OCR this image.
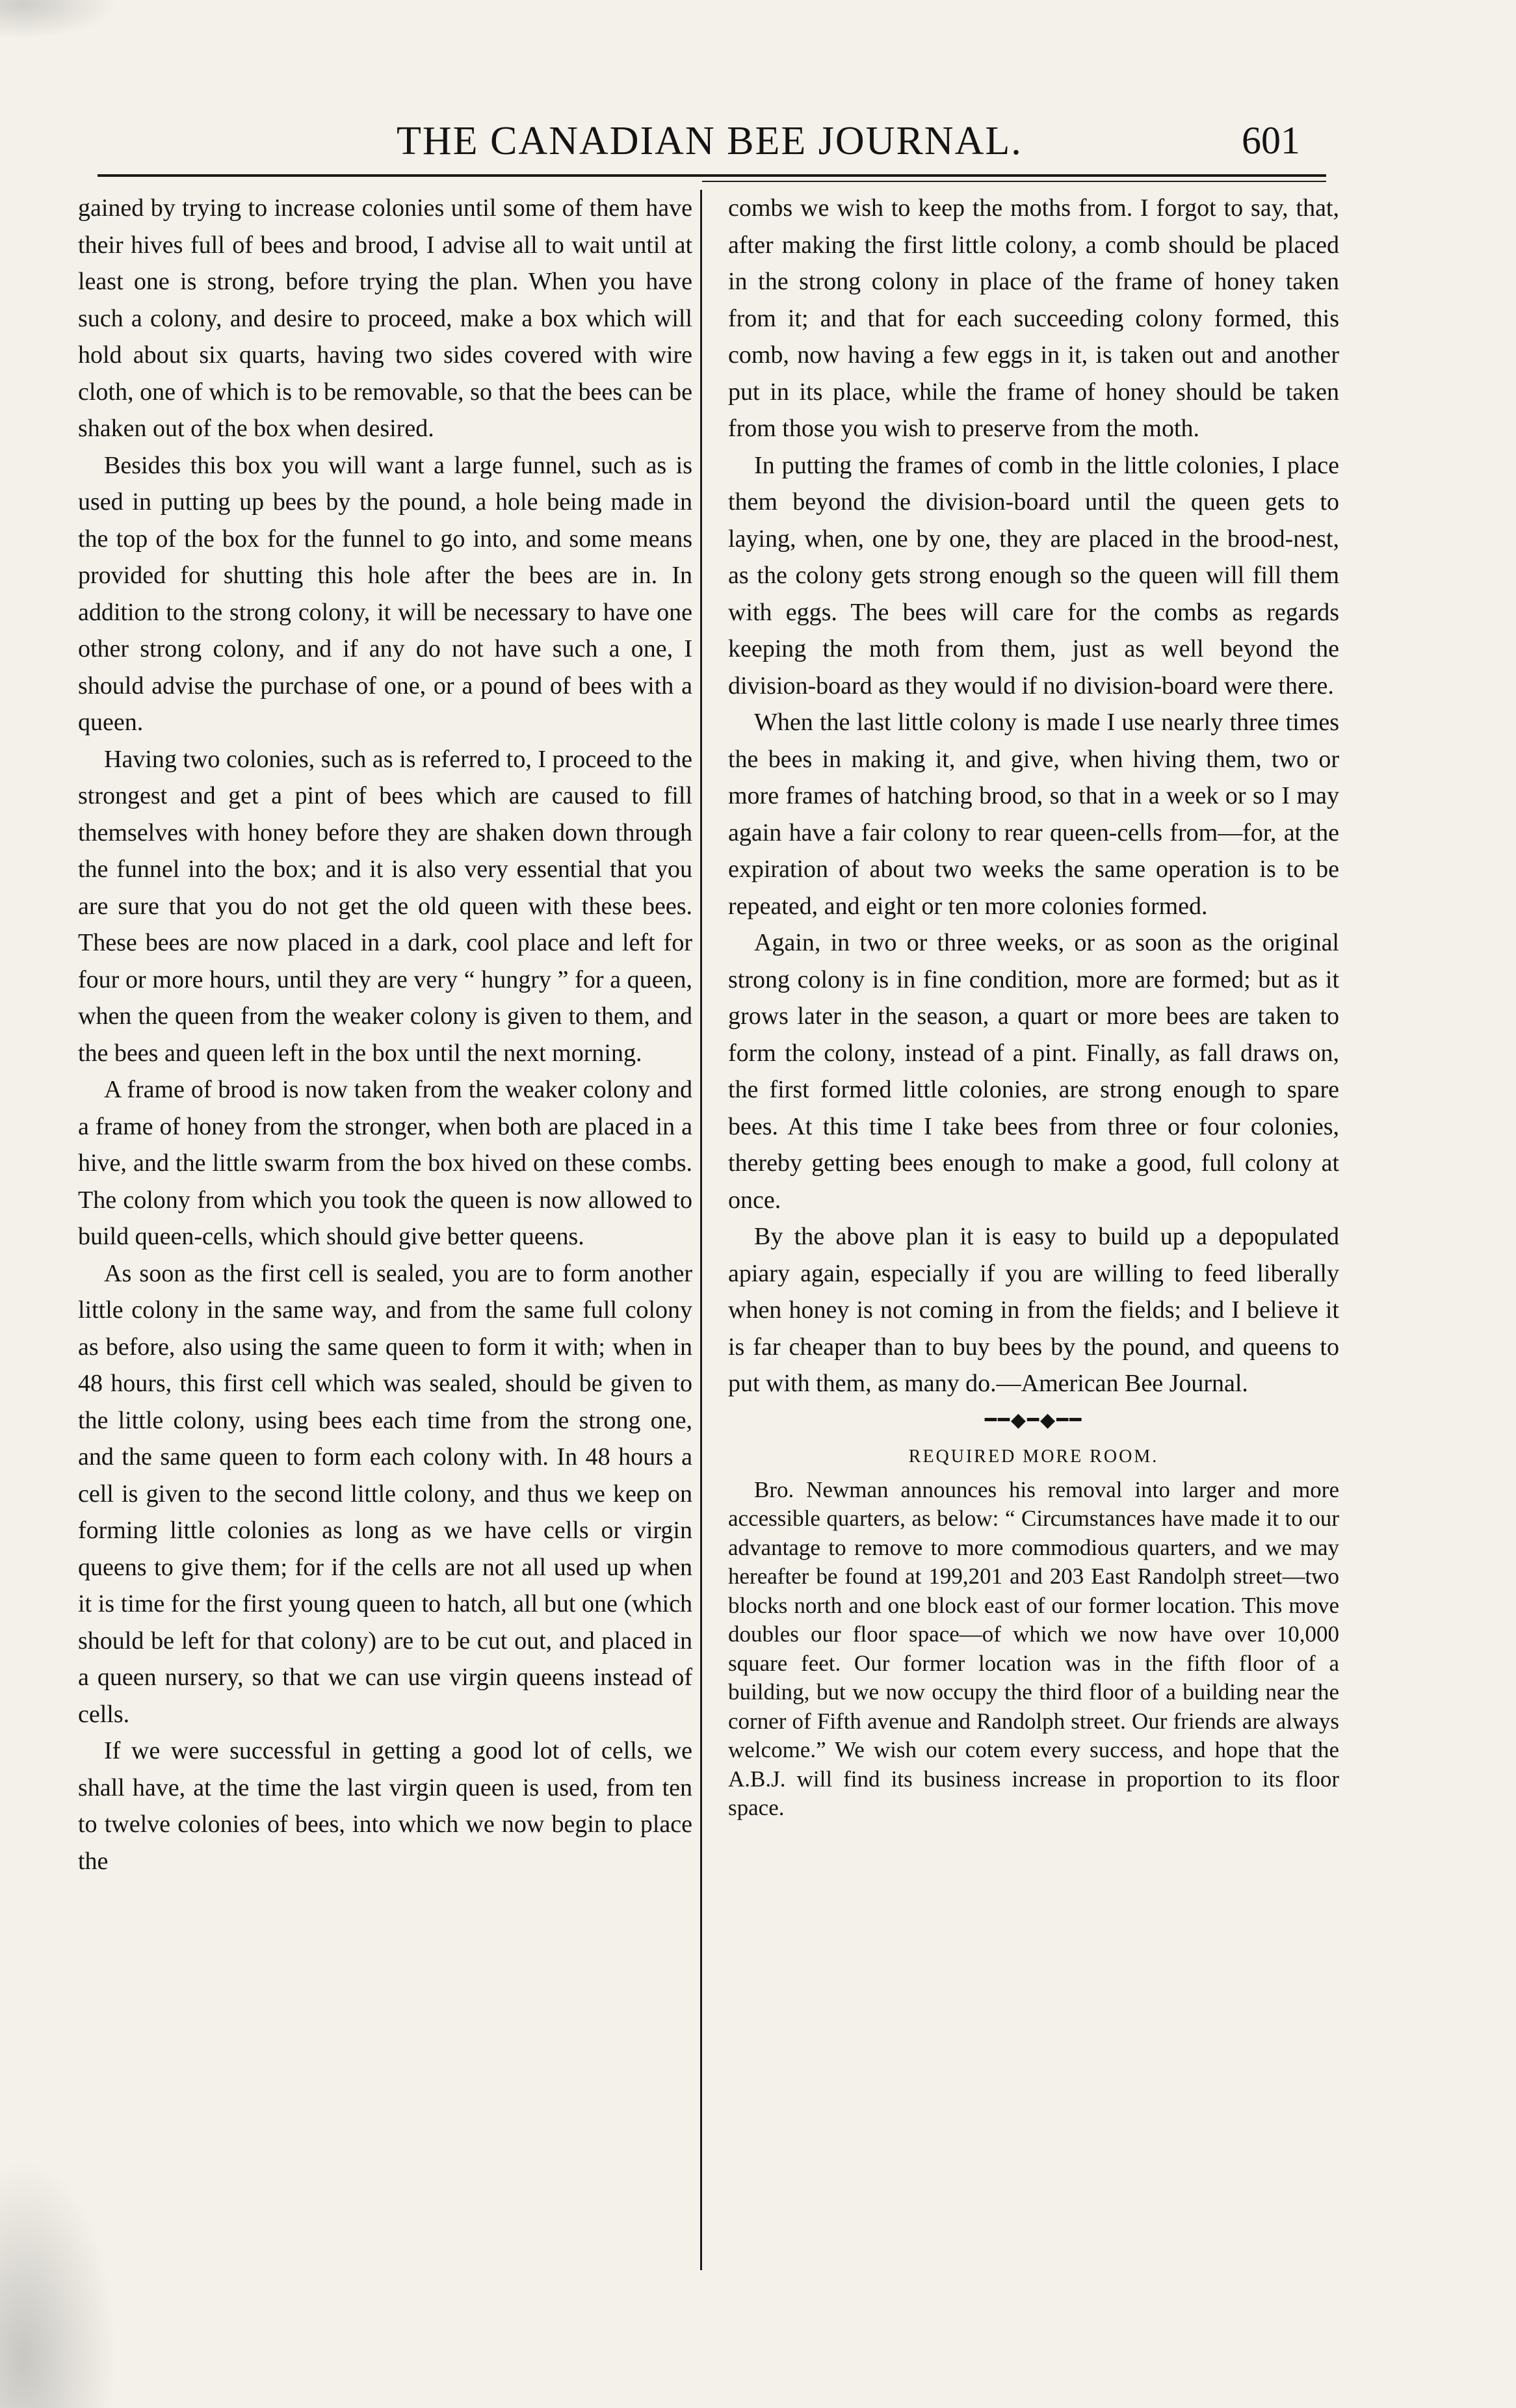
THE CANADIAN BEE JOURNAL.	601

gained by trying to increase colonies until some of them have their hives full of bees and brood, I advise all to wait until at least one is strong, before trying the plan. When you have such a colony, and desire to proceed, make a box which will hold about six quarts, having two sides covered with wire cloth, one of which is to be removable, so that the bees can be shaken out of the box when desired.

Besides this box you will want a large funnel, such as is used in putting up bees by the pound, a hole being made in the top of the box for the funnel to go into, and some means provided for shutting this hole after the bees are in. In addition to the strong colony, it will be necessary to have one other strong colony, and if any do not have such a one, I should advise the purchase of one, or a pound of bees with a queen.

Having two colonies, such as is referred to, I proceed to the strongest and get a pint of bees which are caused to fill themselves with honey before they are shaken down through the funnel into the box; and it is also very essential that you are sure that you do not get the old queen with these bees. These bees are now placed in a dark, cool place and left for four or more hours, until they are very “ hungry ” for a queen, when the queen from the weaker colony is given to them, and the bees and queen left in the box until the next morning.

A frame of brood is now taken from the weaker colony and a frame of honey from the stronger, when both are placed in a hive, and the little swarm from the box hived on these combs. The colony from which you took the queen is now allowed to build queen-cells, which should give better queens.

As soon as the first cell is sealed, you are to form another little colony in the same way, and from the same full colony as before, also using the same queen to form it with; when in 48 hours, this first cell which was sealed, should be given to the little colony, using bees each time from the strong one, and the same queen to form each colony with. In 48 hours a cell is given to the second little colony, and thus we keep on forming little colonies as long as we have cells or virgin queens to give them; for if the cells are not all used up when it is time for the first young queen to hatch, all but one (which should be left for that colony) are to be cut out, and placed in a queen nursery, so that we can use virgin queens instead of cells.

If we were successful in getting a good lot of cells, we shall have, at the time the last virgin queen is used, from ten to twelve colonies of bees, into which we now begin to place the

combs we wish to keep the moths from. I forgot to say, that, after making the first little colony, a comb should be placed in the strong colony in place of the frame of honey taken from it; and that for each succeeding colony formed, this comb, now having a few eggs in it, is taken out and another put in its place, while the frame of honey should be taken from those you wish to preserve from the moth.

In putting the frames of comb in the little colonies, I place them beyond the division-board until the queen gets to laying, when, one by one, they are placed in the brood-nest, as the colony gets strong enough so the queen will fill them with eggs. The bees will care for the combs as regards keeping the moth from them, just as well beyond the division-board as they would if no division-board were there.

When the last little colony is made I use nearly three times the bees in making it, and give, when hiving them, two or more frames of hatching brood, so that in a week or so I may again have a fair colony to rear queen-cells from—for, at the expiration of about two weeks the same operation is to be repeated, and eight or ten more colonies formed.

Again, in two or three weeks, or as soon as the original strong colony is in fine condition, more are formed; but as it grows later in the season, a quart or more bees are taken to form the colony, instead of a pint. Finally, as fall draws on, the first formed little colonies, are strong enough to spare bees. At this time I take bees from three or four colonies, thereby getting bees enough to make a good, full colony at once.

By the above plan it is easy to build up a depopulated apiary again, especially if you are willing to feed liberally when honey is not coming in from the fields; and I believe it is far cheaper than to buy bees by the pound, and queens to put with them, as many do.—American Bee Journal.

━━◆━◆━━

REQUIRED MORE ROOM.

Bro. Newman announces his removal into larger and more accessible quarters, as below: “ Circumstances have made it to our advantage to remove to more commodious quarters, and we may hereafter be found at 199,201 and 203 East Randolph street—two blocks north and one block east of our former location. This move doubles our floor space—of which we now have over 10,000 square feet. Our former location was in the fifth floor of a building, but we now occupy the third floor of a building near the corner of Fifth avenue and Randolph street. Our friends are always welcome.” We wish our cotem every success, and hope that the A.B.J. will find its business increase in proportion to its floor space.
